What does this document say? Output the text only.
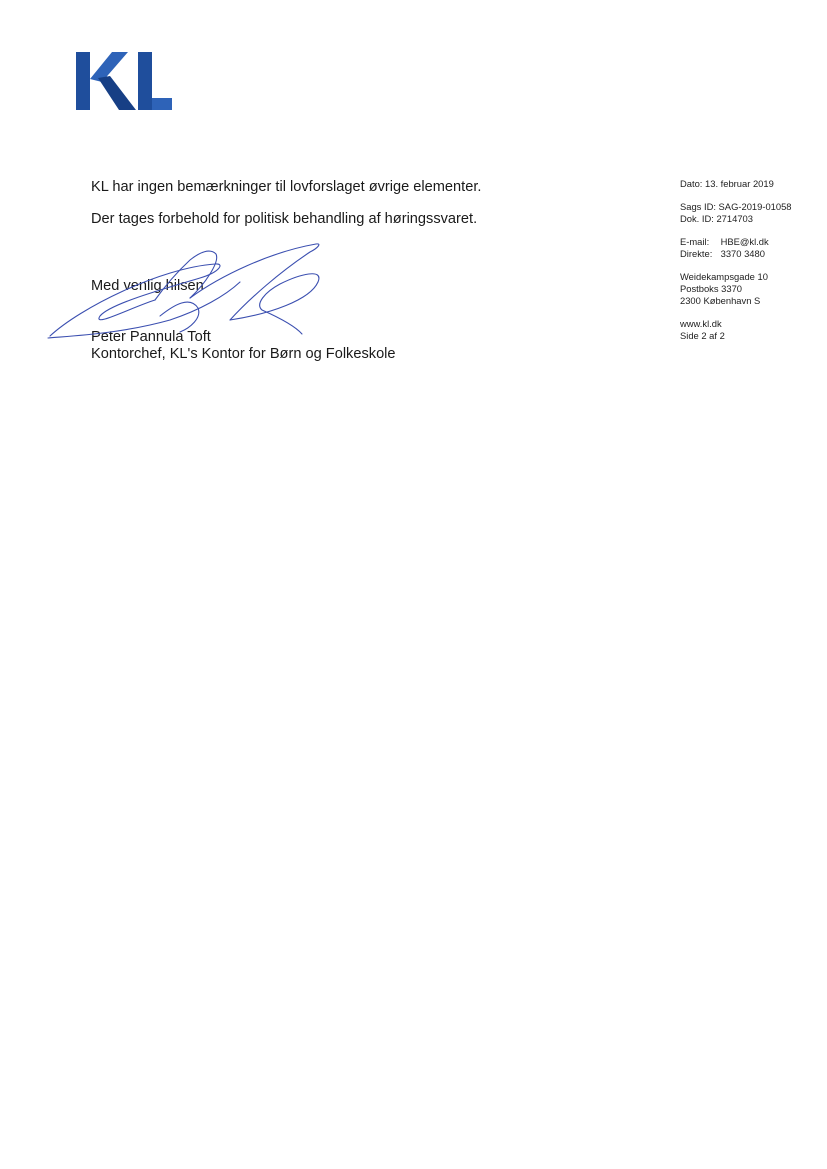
KL har ingen bemærkninger til lovforslaget øvrige elementer.
Der tages forbehold for politisk behandling af høringssvaret.
Med venlig hilsen
Peter Pannula Toft
Kontorchef, KL's Kontor for Børn og Folkeskole
Dato: 13. februar 2019
Sags ID: SAG-2019-01058
Dok. ID: 2714703
E-mail: HBE@kl.dk
Direkte: 3370 3480
Weidekampsgade 10
Postboks 3370
2300 København S
www.kl.dk
Side 2 af 2
